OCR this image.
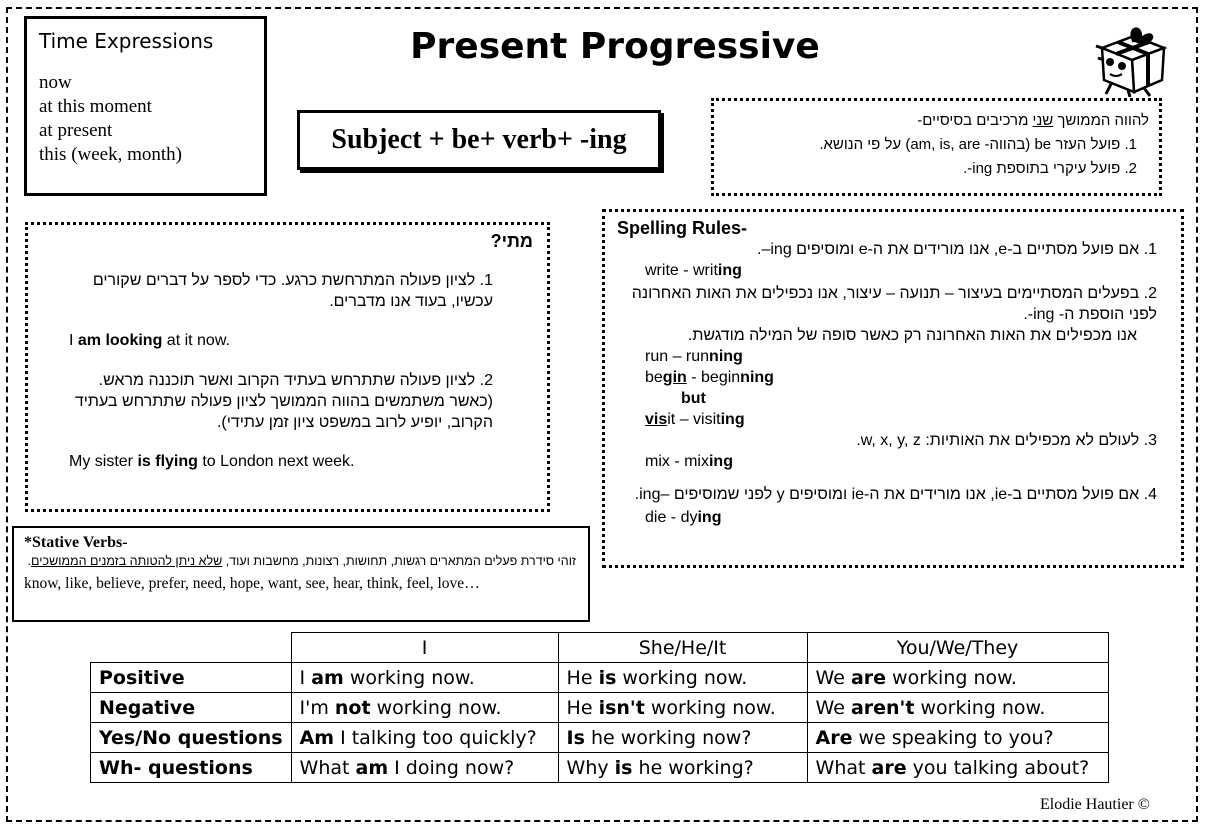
Time Expressions
now
at this moment
at present
this (week, month)
Present Progressive
Subject + be+ verb+ -ing
להווה הממושך שני מרכיבים בסיסיים-
1. פועל העזר be (בהווה- am, is, are) על פי הנושא.
2. פועל עיקרי בתוספת ing-.
מתי?
1. לציון פעולה המתרחשת כרגע. כדי לספר על דברים שקורים עכשיו, בעוד אנו מדברים.
I am looking at it now.
2. לציון פעולה שתתרחש בעתיד הקרוב ואשר תוכננה מראש. (כאשר משתמשים בהווה הממושך לציון פעולה שתתרחש בעתיד הקרוב, יופיע לרוב במשפט ציון זמן עתידי).
My sister is flying to London next week.
Spelling Rules-
1. אם פועל מסתיים ב-e, אנו מורידים את ה-e ומוסיפים ing–.
write - writing
2. בפעלים המסתיימים בעיצור – תנועה – עיצור, אנו נכפילים את האות האחרונה לפני הוספת ה- ing-.
אנו מכפילים את האות האחרונה רק כאשר סופה של המילה מודגשת.
run – running
begin - beginning
but
visit – visiting
3. לעולם לא מכפילים את האותיות: w, x, y, z.
mix - mixing
4. אם פועל מסתיים ב-ie, אנו מורידים את ה-ie ומוסיפים y לפני שמוסיפים –ing.
die - dying
*Stative Verbs-
זוהי סידרת פעלים המתארים רגשות, תחושות, רצונות, מחשבות ועוד, שלא ניתן להטותה בזמנים הממושכים.
know, like, believe, prefer, need, hope, want, see, hear, think, feel, love…
	I	She/He/It	You/We/They
Positive	I am working now.	He is working now.	We are working now.
Negative	I'm not working now.	He isn't working now.	We aren't working now.
Yes/No questions	Am I talking too quickly?	Is he working now?	Are we speaking to you?
Wh- questions	What am I doing now?	Why is he working?	What are you talking about?
Elodie Hautier ©
